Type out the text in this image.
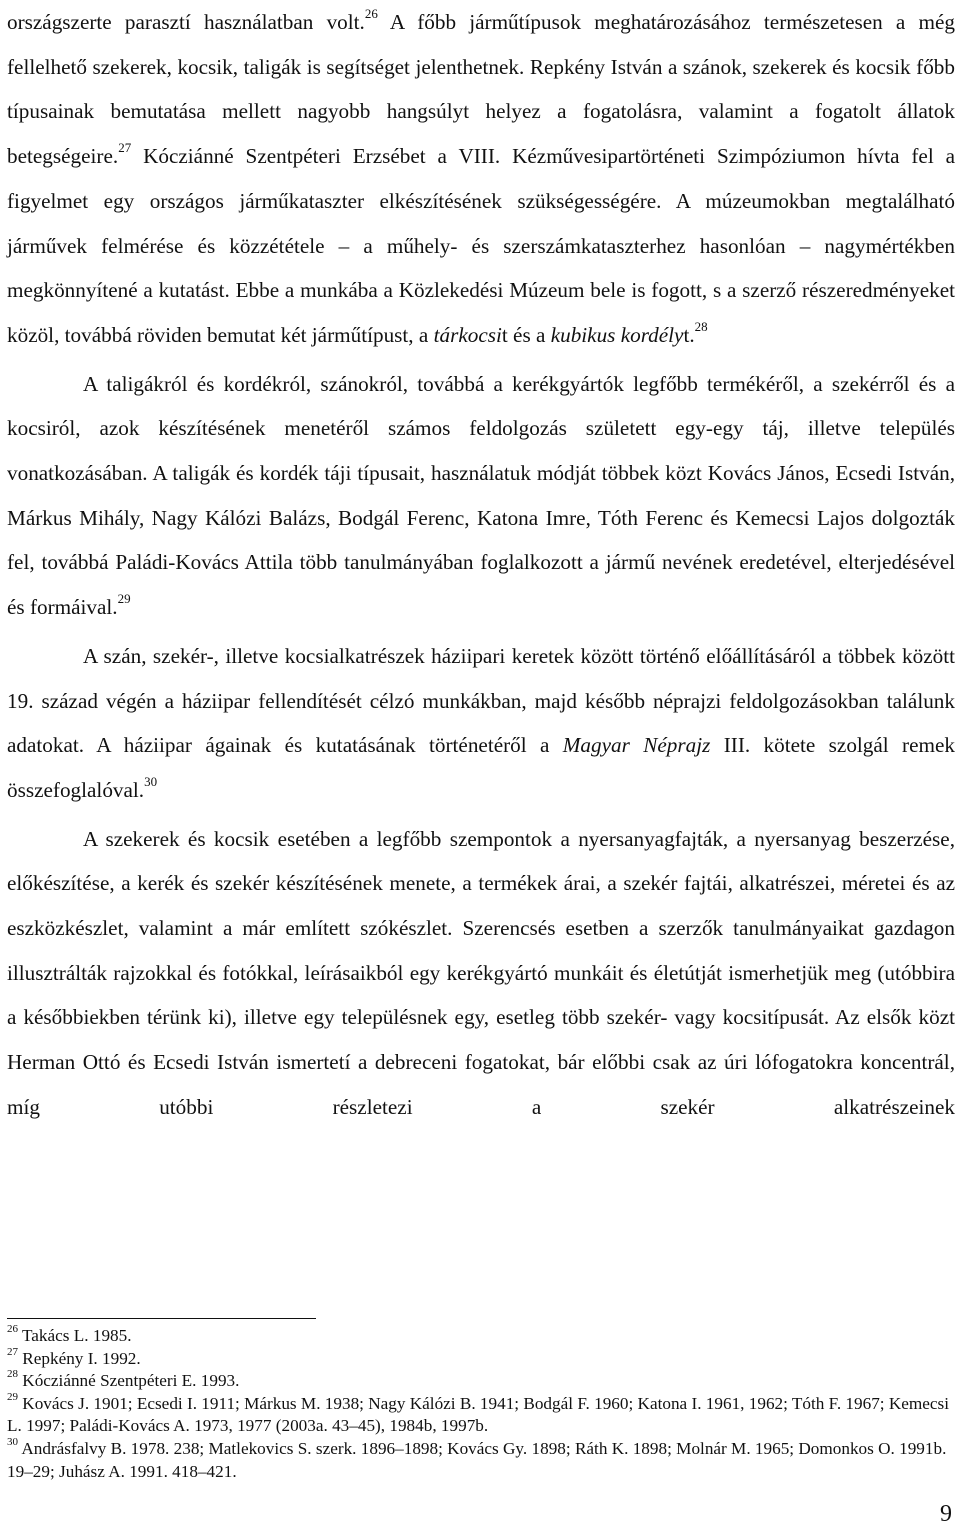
országszerte parasztí használatban volt.$^{26}$ A főbb járműtípusok meghatározásához természetesen a még fellelhető szekerek, kocsik, taligák is segítséget jelenthetnek. Repkény István a szánok, szekerek és kocsik főbb típusainak bemutatása mellett nagyobb hangsúlyt helyez a fogatolásra, valamint a fogatolt állatok betegségeire.$^{27}$ Kócziánné Szentpéteri Erzsébet a VIII. Kézművesipartörténeti Szimpóziumon hívta fel a figyelmet egy országos járműkataszter elkészítésének szükségességére. A múzeumokban megtalálható járművek felmérése és közzététele – a műhely- és szerszámkataszterhez hasonlóan – nagymértékben megkönnyítené a kutatást. Ebbe a munkába a Közlekedési Múzeum bele is fogott, s a szerző részeredményeket közöl, továbbá röviden bemutat két járműtípust, a tárkocsit és a kubikus kordélyt.$^{28}$

A taligákról és kordékról, szánokról, továbbá a kerékgyártók legfőbb termékéről, a szekérről és a kocsiról, azok készítésének menetéről számos feldolgozás született egy-egy táj, illetve település vonatkozásában. A taligák és kordék táji típusait, használatuk módját többek közt Kovács János, Ecsedi István, Márkus Mihály, Nagy Kálózi Balázs, Bodgál Ferenc, Katona Imre, Tóth Ferenc és Kemecsi Lajos dolgozták fel, továbbá Paládi-Kovács Attila több tanulmányában foglalkozott a jármű nevének eredetével, elterjedésével és formáival.$^{29}$

A szán, szekér-, illetve kocsialkatrészek háziipari keretek között történő előállításáról a többek között 19. század végén a háziipar fellendítését célzó munkákban, majd később néprajzi feldolgozásokban találunk adatokat. A háziipar ágainak és kutatásának történetéről a Magyar Néprajz III. kötete szolgál remek összefoglalóval.$^{30}$

A szekerek és kocsik esetében a legfőbb szempontok a nyersanyagfajták, a nyersanyag beszerzése, előkészítése, a kerék és szekér készítésének menete, a termékek árai, a szekér fajtái, alkatrészei, méretei és az eszközkészlet, valamint a már említett szókészlet. Szerencsés esetben a szerzők tanulmányaikat gazdagon illusztrálták rajzokkal és fotókkal, leírásaikból egy kerékgyártó munkáit és életútját ismerhetjük meg (utóbbira a későbbiekben térünk ki), illetve egy településnek egy, esetleg több szekér- vagy kocsitípusát. Az elsők közt Herman Ottó és Ecsedi István ismertetí a debreceni fogatokat, bár előbbi csak az úri lófogatokra koncentrál, míg utóbbi részletezi a szekér alkatrészeinek

$^{26}$ Takács L. 1985.

$^{27}$ Repkény I. 1992.

$^{28}$ Kócziánné Szentpéteri E. 1993.

$^{29}$ Kovács J. 1901; Ecsedi I. 1911; Márkus M. 1938; Nagy Kálózi B. 1941; Bodgál F. 1960; Katona I. 1961, 1962; Tóth F. 1967; Kemecsi L. 1997; Paládi-Kovács A. 1973, 1977 (2003a. 43–45), 1984b, 1997b.

$^{30}$ Andrásfalvy B. 1978. 238; Matlekovics S. szerk. 1896–1898; Kovács Gy. 1898; Ráth K. 1898; Molnár M. 1965; Domonkos O. 1991b. 19–29; Juhász A. 1991. 418–421.

9
